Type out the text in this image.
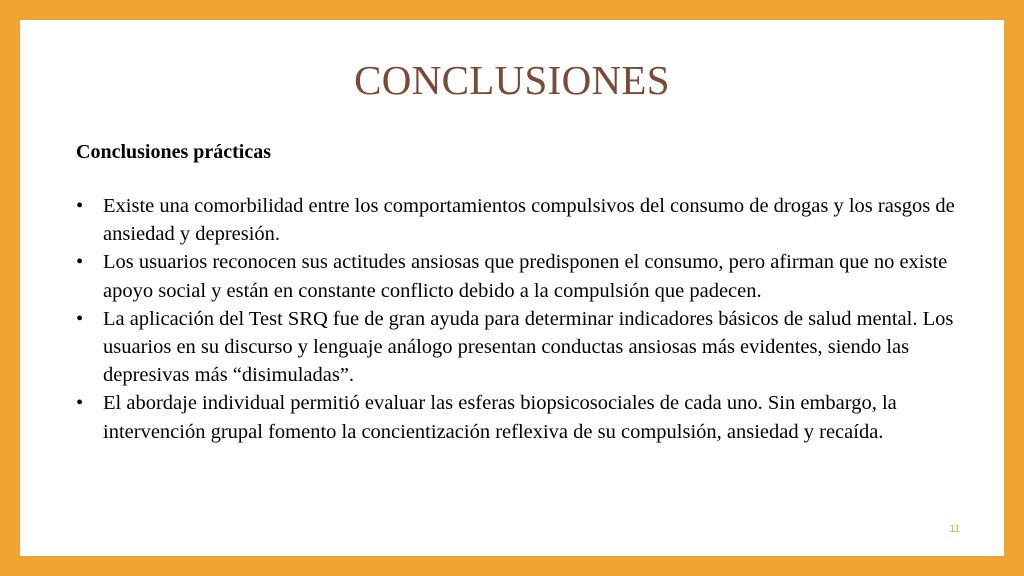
CONCLUSIONES
Conclusiones prácticas
• Existe una comorbilidad entre los comportamientos compulsivos del consumo de drogas y los rasgos de ansiedad y depresión.
• Los usuarios reconocen sus actitudes ansiosas que predisponen el consumo, pero afirman que no existe apoyo social y están en constante conflicto debido a la compulsión que padecen.
• La aplicación del Test SRQ fue de gran ayuda para determinar indicadores básicos de salud mental. Los usuarios en su discurso y lenguaje análogo presentan conductas ansiosas más evidentes, siendo las depresivas más “disimuladas”.
• El abordaje individual permitió evaluar las esferas biopsicosociales de cada uno. Sin embargo, la intervención grupal fomento la concientización reflexiva de su compulsión, ansiedad y recaída.
11
